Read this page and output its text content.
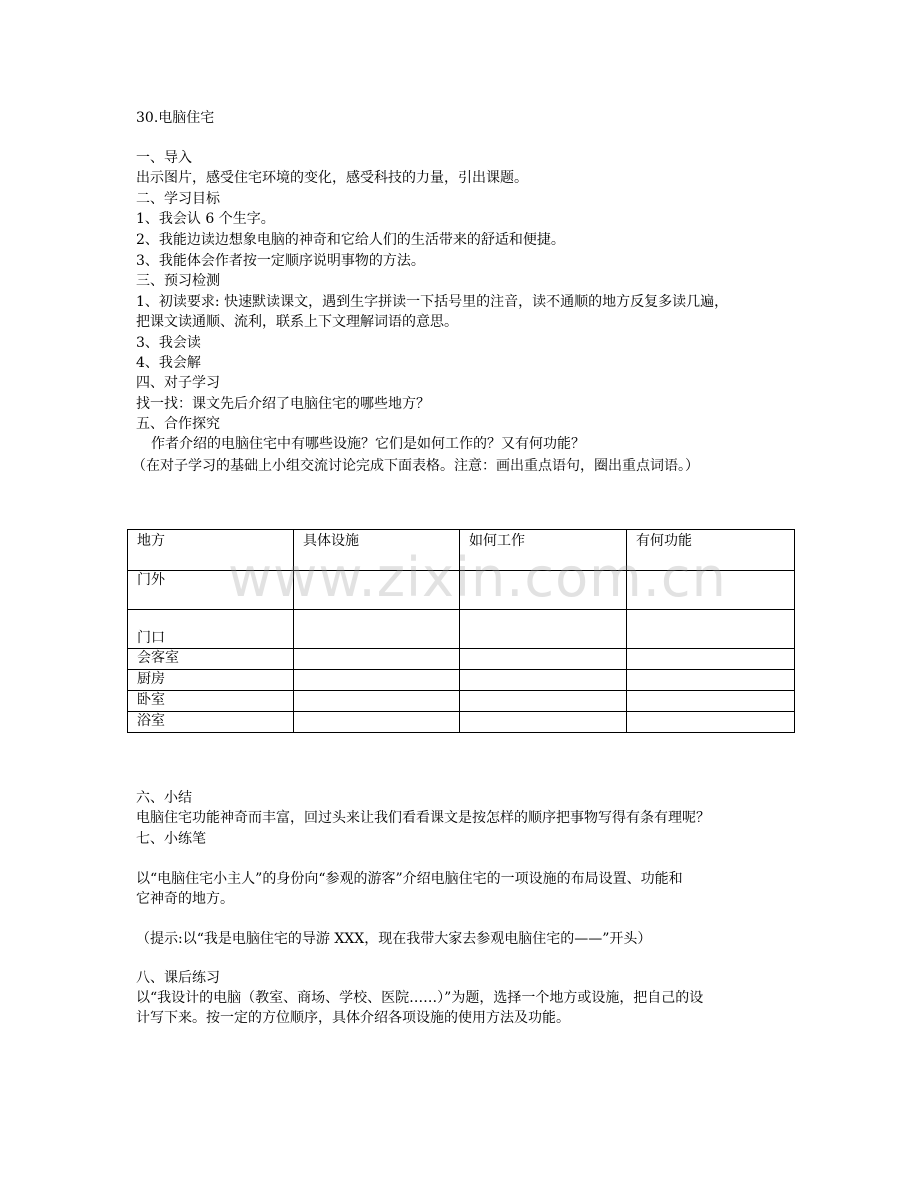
30.电脑住宅
一、导入
出示图片，感受住宅环境的变化，感受科技的力量，引出课题。
二、学习目标
1、我会认 6 个生字。
2、我能边读边想象电脑的神奇和它给人们的生活带来的舒适和便捷。
3、我能体会作者按一定顺序说明事物的方法。
三、预习检测
1、初读要求: 快速默读课文，遇到生字拼读一下括号里的注音，读不通顺的地方反复多读几遍，
把课文读通顺、流利，联系上下文理解词语的意思。
3、我会读
4、我会解
四、对子学习
找一找：课文先后介绍了电脑住宅的哪些地方？
五、合作探究
作者介绍的电脑住宅中有哪些设施？它们是如何工作的？又有何功能？
（在对子学习的基础上小组交流讨论完成下面表格。注意：画出重点语句，圈出重点词语。）
地方	具体设施	如何工作	有何功能
门外			
门口			
会客室			
厨房			
卧室			
浴室			
www.zixin.com.cn
六、小结
电脑住宅功能神奇而丰富，回过头来让我们看看课文是按怎样的顺序把事物写得有条有理呢？
七、小练笔
以“电脑住宅小主人”的身份向“参观的游客”介绍电脑住宅的一项设施的布局设置、功能和
它神奇的地方。
（提示:以“我是电脑住宅的导游 XXX，现在我带大家去参观电脑住宅的——”开头）
八、课后练习
以“我设计的电脑（教室、商场、学校、医院……）”为题，选择一个地方或设施，把自己的设
计写下来。按一定的方位顺序，具体介绍各项设施的使用方法及功能。
